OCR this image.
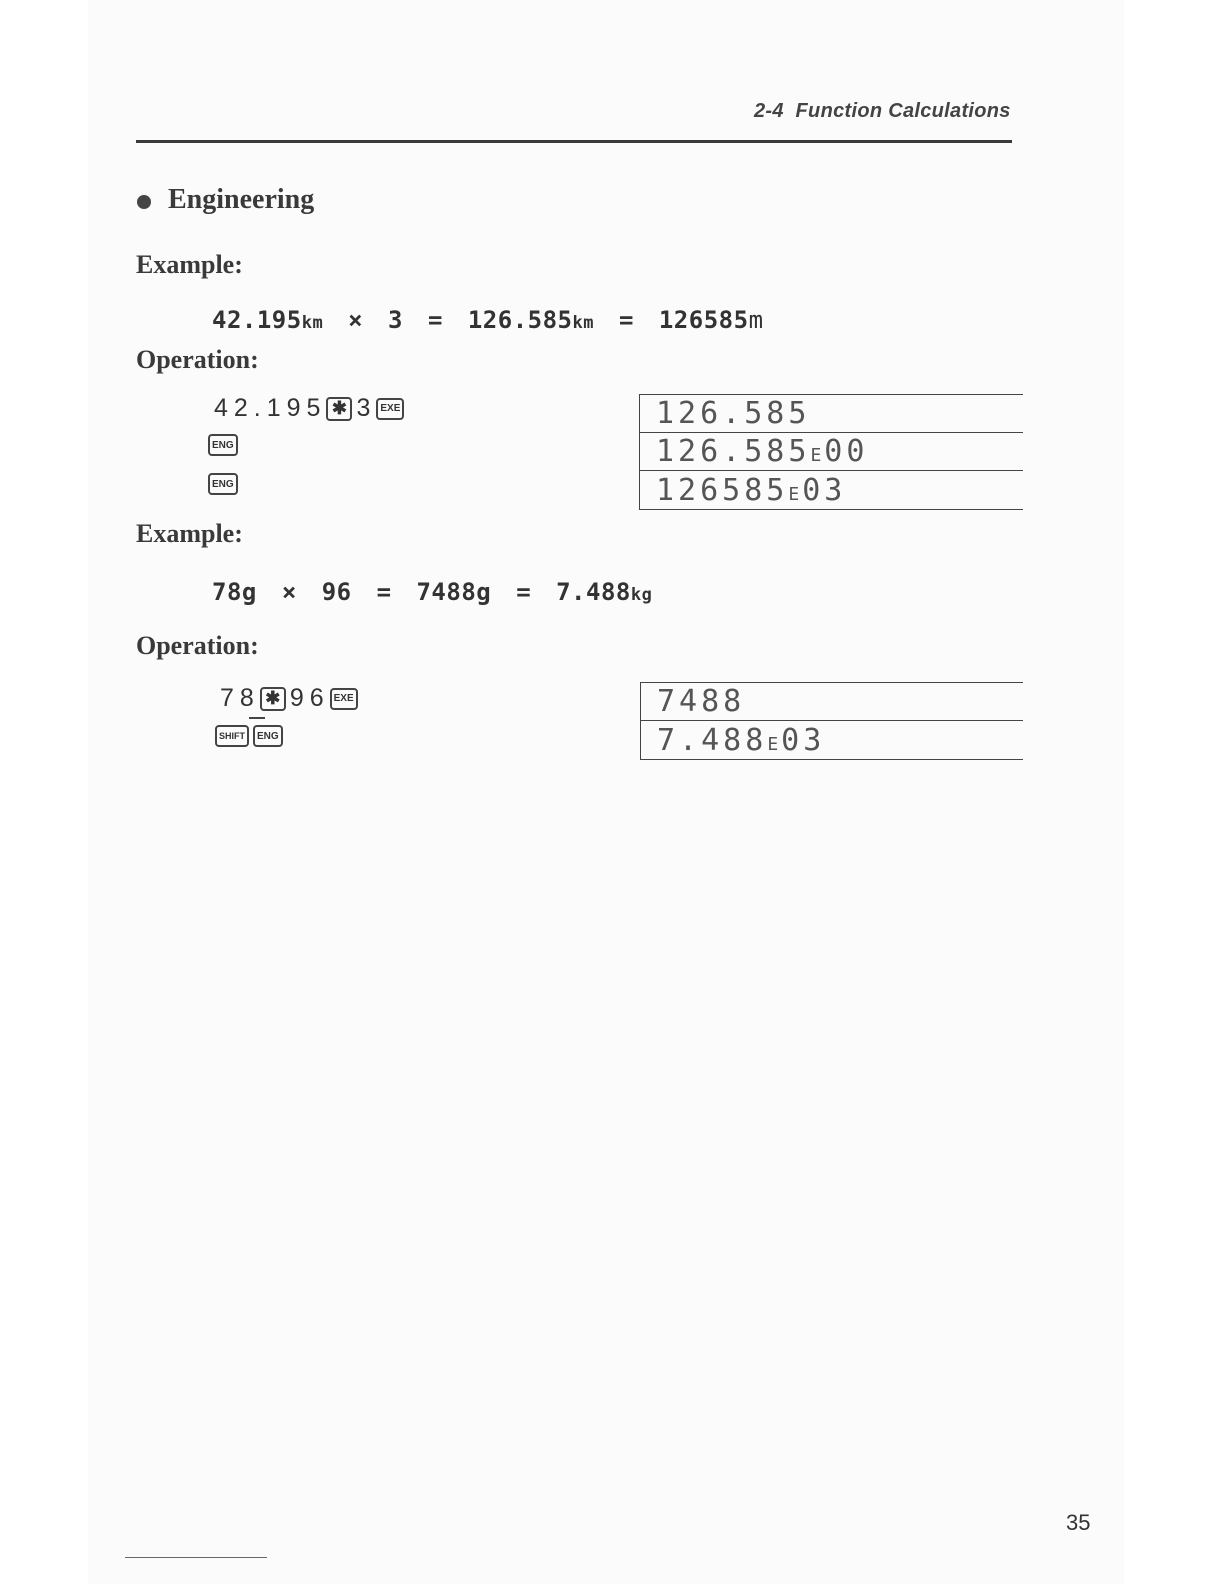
2-4 Function Calculations
Engineering
Example:
42.195km × 3 = 126.585km = 126585m
Operation:
42.195 ✱ 3 EXE
ENG
ENG
126.585
126.585E00
126585E03
Example:
78g × 96 = 7488g = 7.488kg
Operation:
78 ✱ 96 EXE
SHIFT	ENG
7488
7.488E03
35
